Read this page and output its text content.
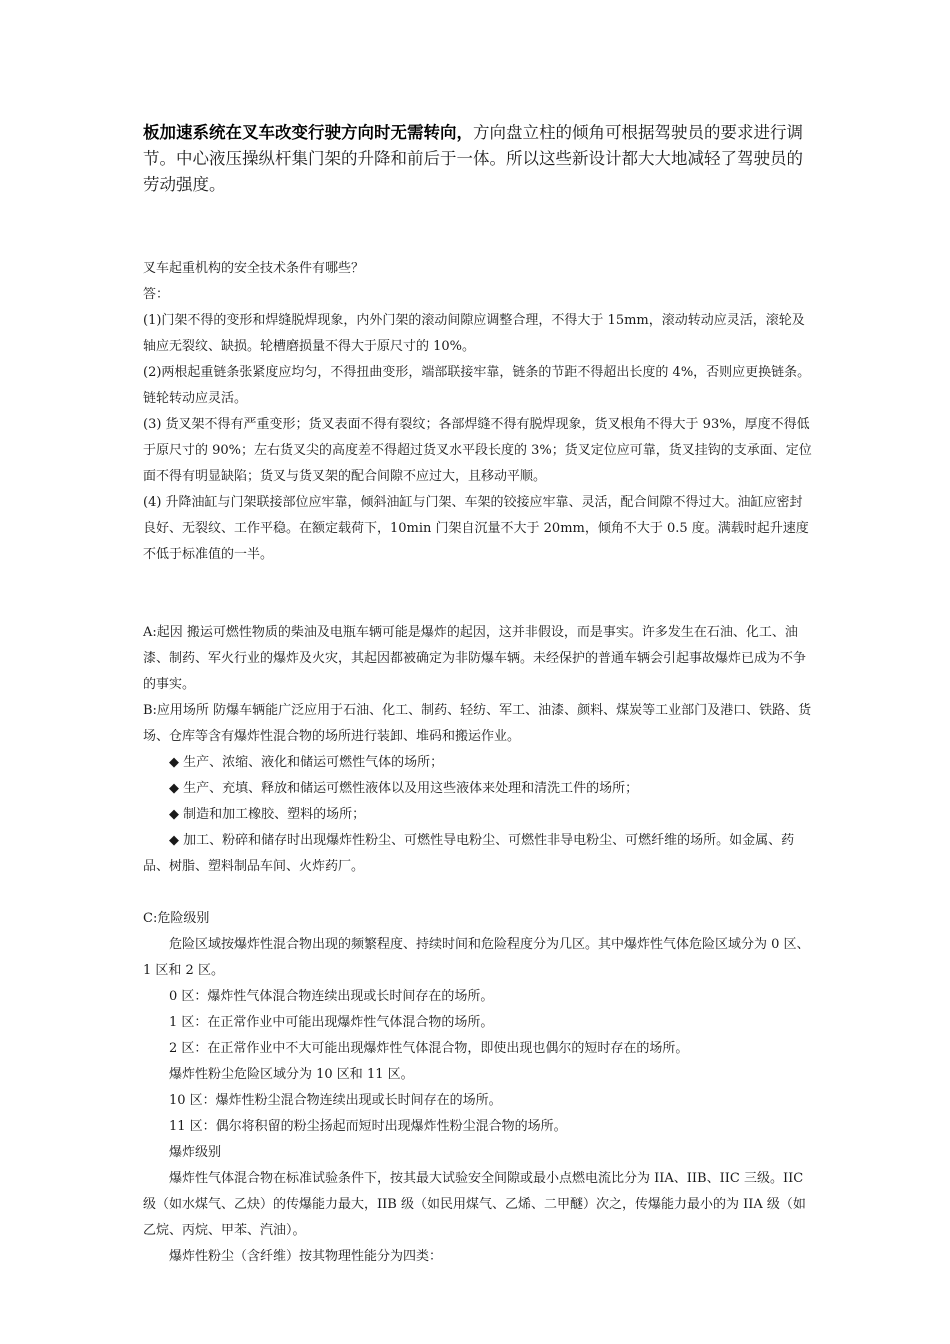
板加速系统在叉车改变行驶方向时无需转向，方向盘立柱的倾角可根据驾驶员的要求进行调节。中心液压操纵杆集门架的升降和前后于一体。所以这些新设计都大大地减轻了驾驶员的劳动强度。

叉车起重机构的安全技术条件有哪些？

答：

(1)门架不得的变形和焊缝脱焊现象，内外门架的滚动间隙应调整合理，不得大于 15mm，滚动转动应灵活，滚轮及轴应无裂纹、缺损。轮槽磨损量不得大于原尺寸的 10%。

(2)两根起重链条张紧度应均匀，不得扭曲变形，端部联接牢靠，链条的节距不得超出长度的 4%，否则应更换链条。链轮转动应灵活。

(3) 货叉架不得有严重变形；货叉表面不得有裂纹；各部焊缝不得有脱焊现象，货叉根角不得大于 93%，厚度不得低于原尺寸的 90%；左右货叉尖的高度差不得超过货叉水平段长度的 3%；货叉定位应可靠，货叉挂钩的支承面、定位面不得有明显缺陷；货叉与货叉架的配合间隙不应过大，且移动平顺。

(4) 升降油缸与门架联接部位应牢靠，倾斜油缸与门架、车架的铰接应牢靠、灵活，配合间隙不得过大。油缸应密封良好、无裂纹、工作平稳。在额定载荷下，10min 门架自沉量不大于 20mm，倾角不大于 0.5 度。满载时起升速度不低于标准值的一半。

A:起因 搬运可燃性物质的柴油及电瓶车辆可能是爆炸的起因，这并非假设，而是事实。许多发生在石油、化工、油漆、制药、军火行业的爆炸及火灾，其起因都被确定为非防爆车辆。未经保护的普通车辆会引起事故爆炸已成为不争的事实。

B:应用场所 防爆车辆能广泛应用于石油、化工、制药、轻纺、军工、油漆、颜料、煤炭等工业部门及港口、铁路、货场、仓库等含有爆炸性混合物的场所进行装卸、堆码和搬运作业。

◆ 生产、浓缩、液化和储运可燃性气体的场所；

◆ 生产、充填、释放和储运可燃性液体以及用这些液体来处理和清洗工件的场所；

◆ 制造和加工橡胶、塑料的场所；

◆ 加工、粉碎和储存时出现爆炸性粉尘、可燃性导电粉尘、可燃性非导电粉尘、可燃纤维的场所。如金属、药品、树脂、塑料制品车间、火炸药厂。

C:危险级别

危险区域按爆炸性混合物出现的频繁程度、持续时间和危险程度分为几区。其中爆炸性气体危险区域分为 0 区、1 区和 2 区。

0 区：爆炸性气体混合物连续出现或长时间存在的场所。

1 区：在正常作业中可能出现爆炸性气体混合物的场所。

2 区：在正常作业中不大可能出现爆炸性气体混合物，即使出现也偶尔的短时存在的场所。

爆炸性粉尘危险区域分为 10 区和 11 区。

10 区：爆炸性粉尘混合物连续出现或长时间存在的场所。

11 区：偶尔将积留的粉尘扬起而短时出现爆炸性粉尘混合物的场所。

爆炸级别

爆炸性气体混合物在标准试验条件下，按其最大试验安全间隙或最小点燃电流比分为 IIA、IIB、IIC 三级。IIC 级（如水煤气、乙炔）的传爆能力最大，IIB 级（如民用煤气、乙烯、二甲醚）次之，传爆能力最小的为 IIA 级（如乙烷、丙烷、甲苯、汽油）。

爆炸性粉尘（含纤维）按其物理性能分为四类：
